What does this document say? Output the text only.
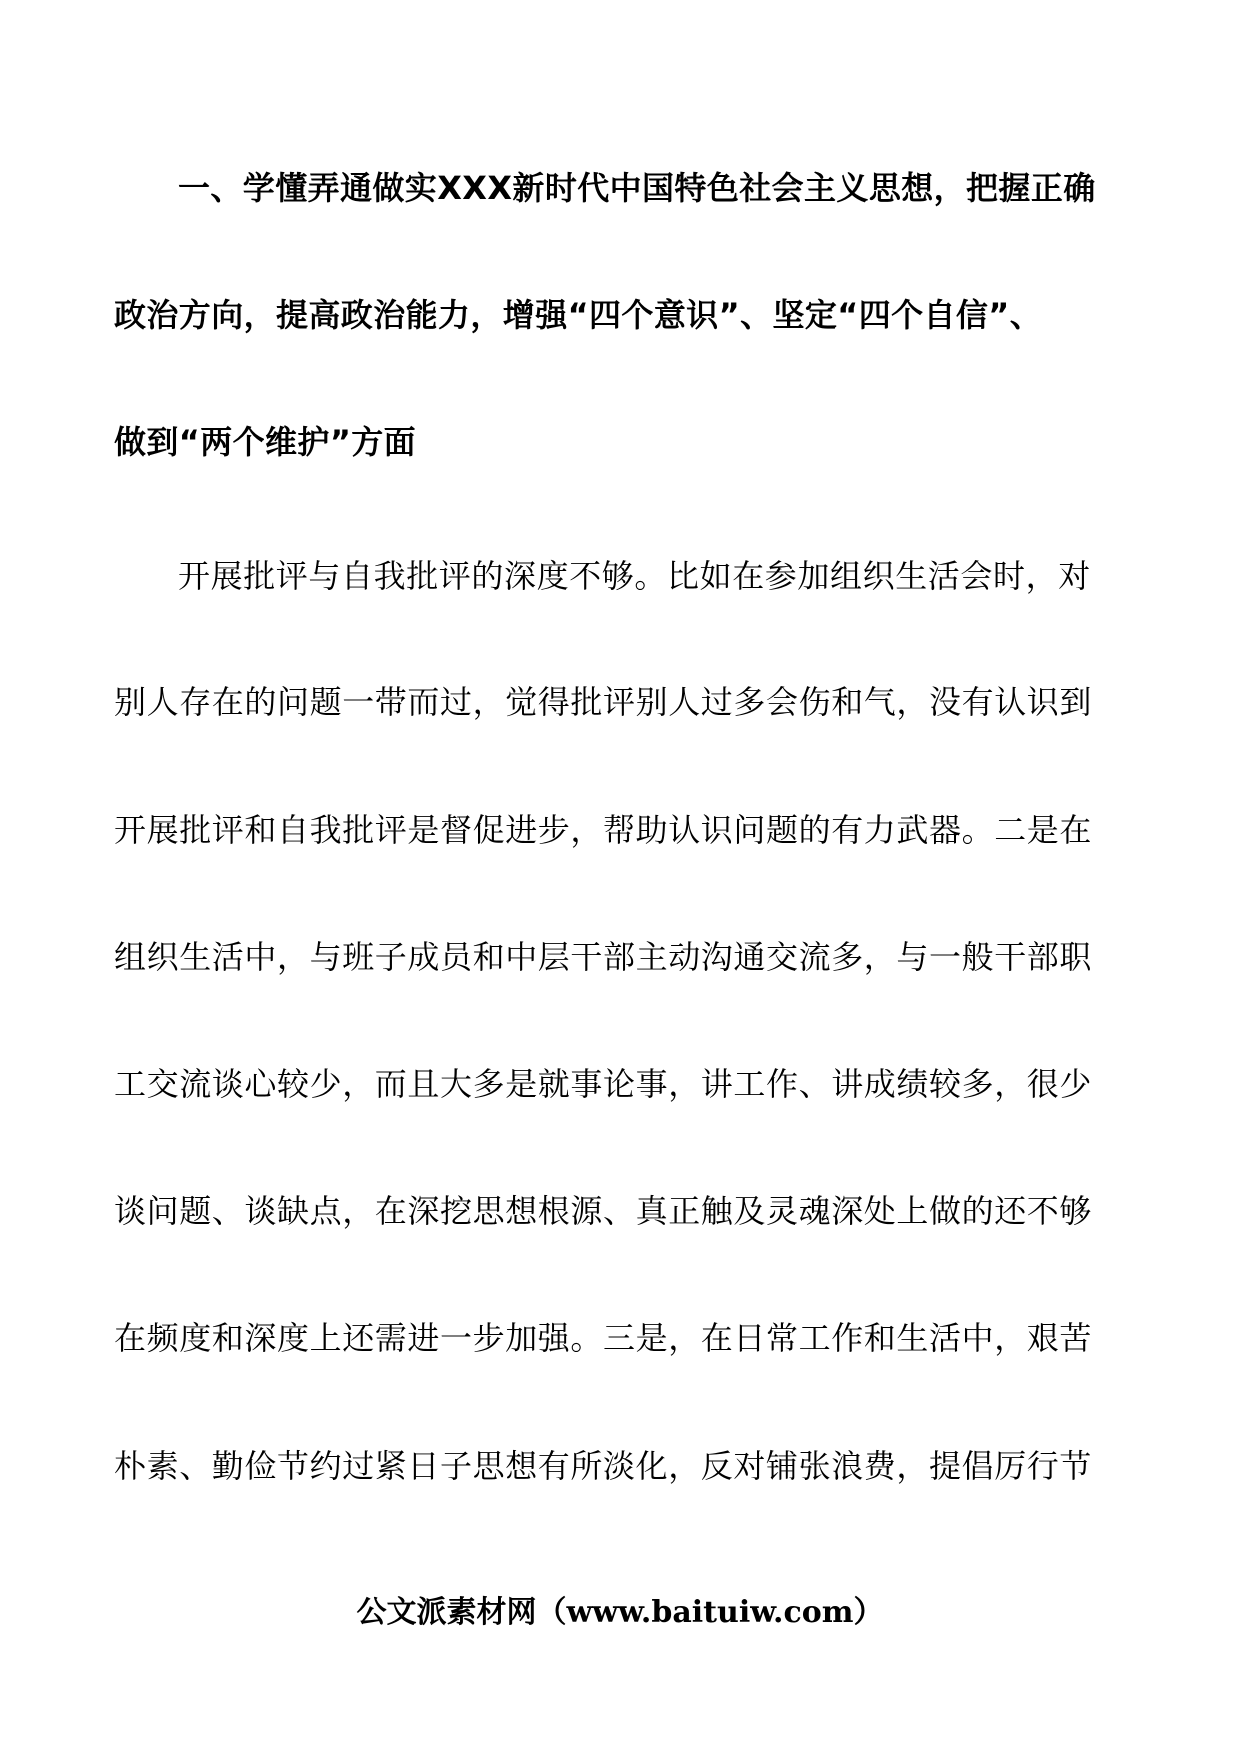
一、学懂弄通做实XXX新时代中国特色社会主义思想，把握正确
政治方向，提高政治能力，增强“四个意识”、坚定“四个自信”、
做到“两个维护”方面
开展批评与自我批评的深度不够。比如在参加组织生活会时，对
别人存在的问题一带而过，觉得批评别人过多会伤和气，没有认识到
开展批评和自我批评是督促进步，帮助认识问题的有力武器。二是在
组织生活中，与班子成员和中层干部主动沟通交流多，与一般干部职
工交流谈心较少，而且大多是就事论事，讲工作、讲成绩较多，很少
谈问题、谈缺点，在深挖思想根源、真正触及灵魂深处上做的还不够
在频度和深度上还需进一步加强。三是，在日常工作和生活中，艰苦
朴素、勤俭节约过紧日子思想有所淡化，反对铺张浪费，提倡厉行节
公文派素材网（www.baituiw.com）
